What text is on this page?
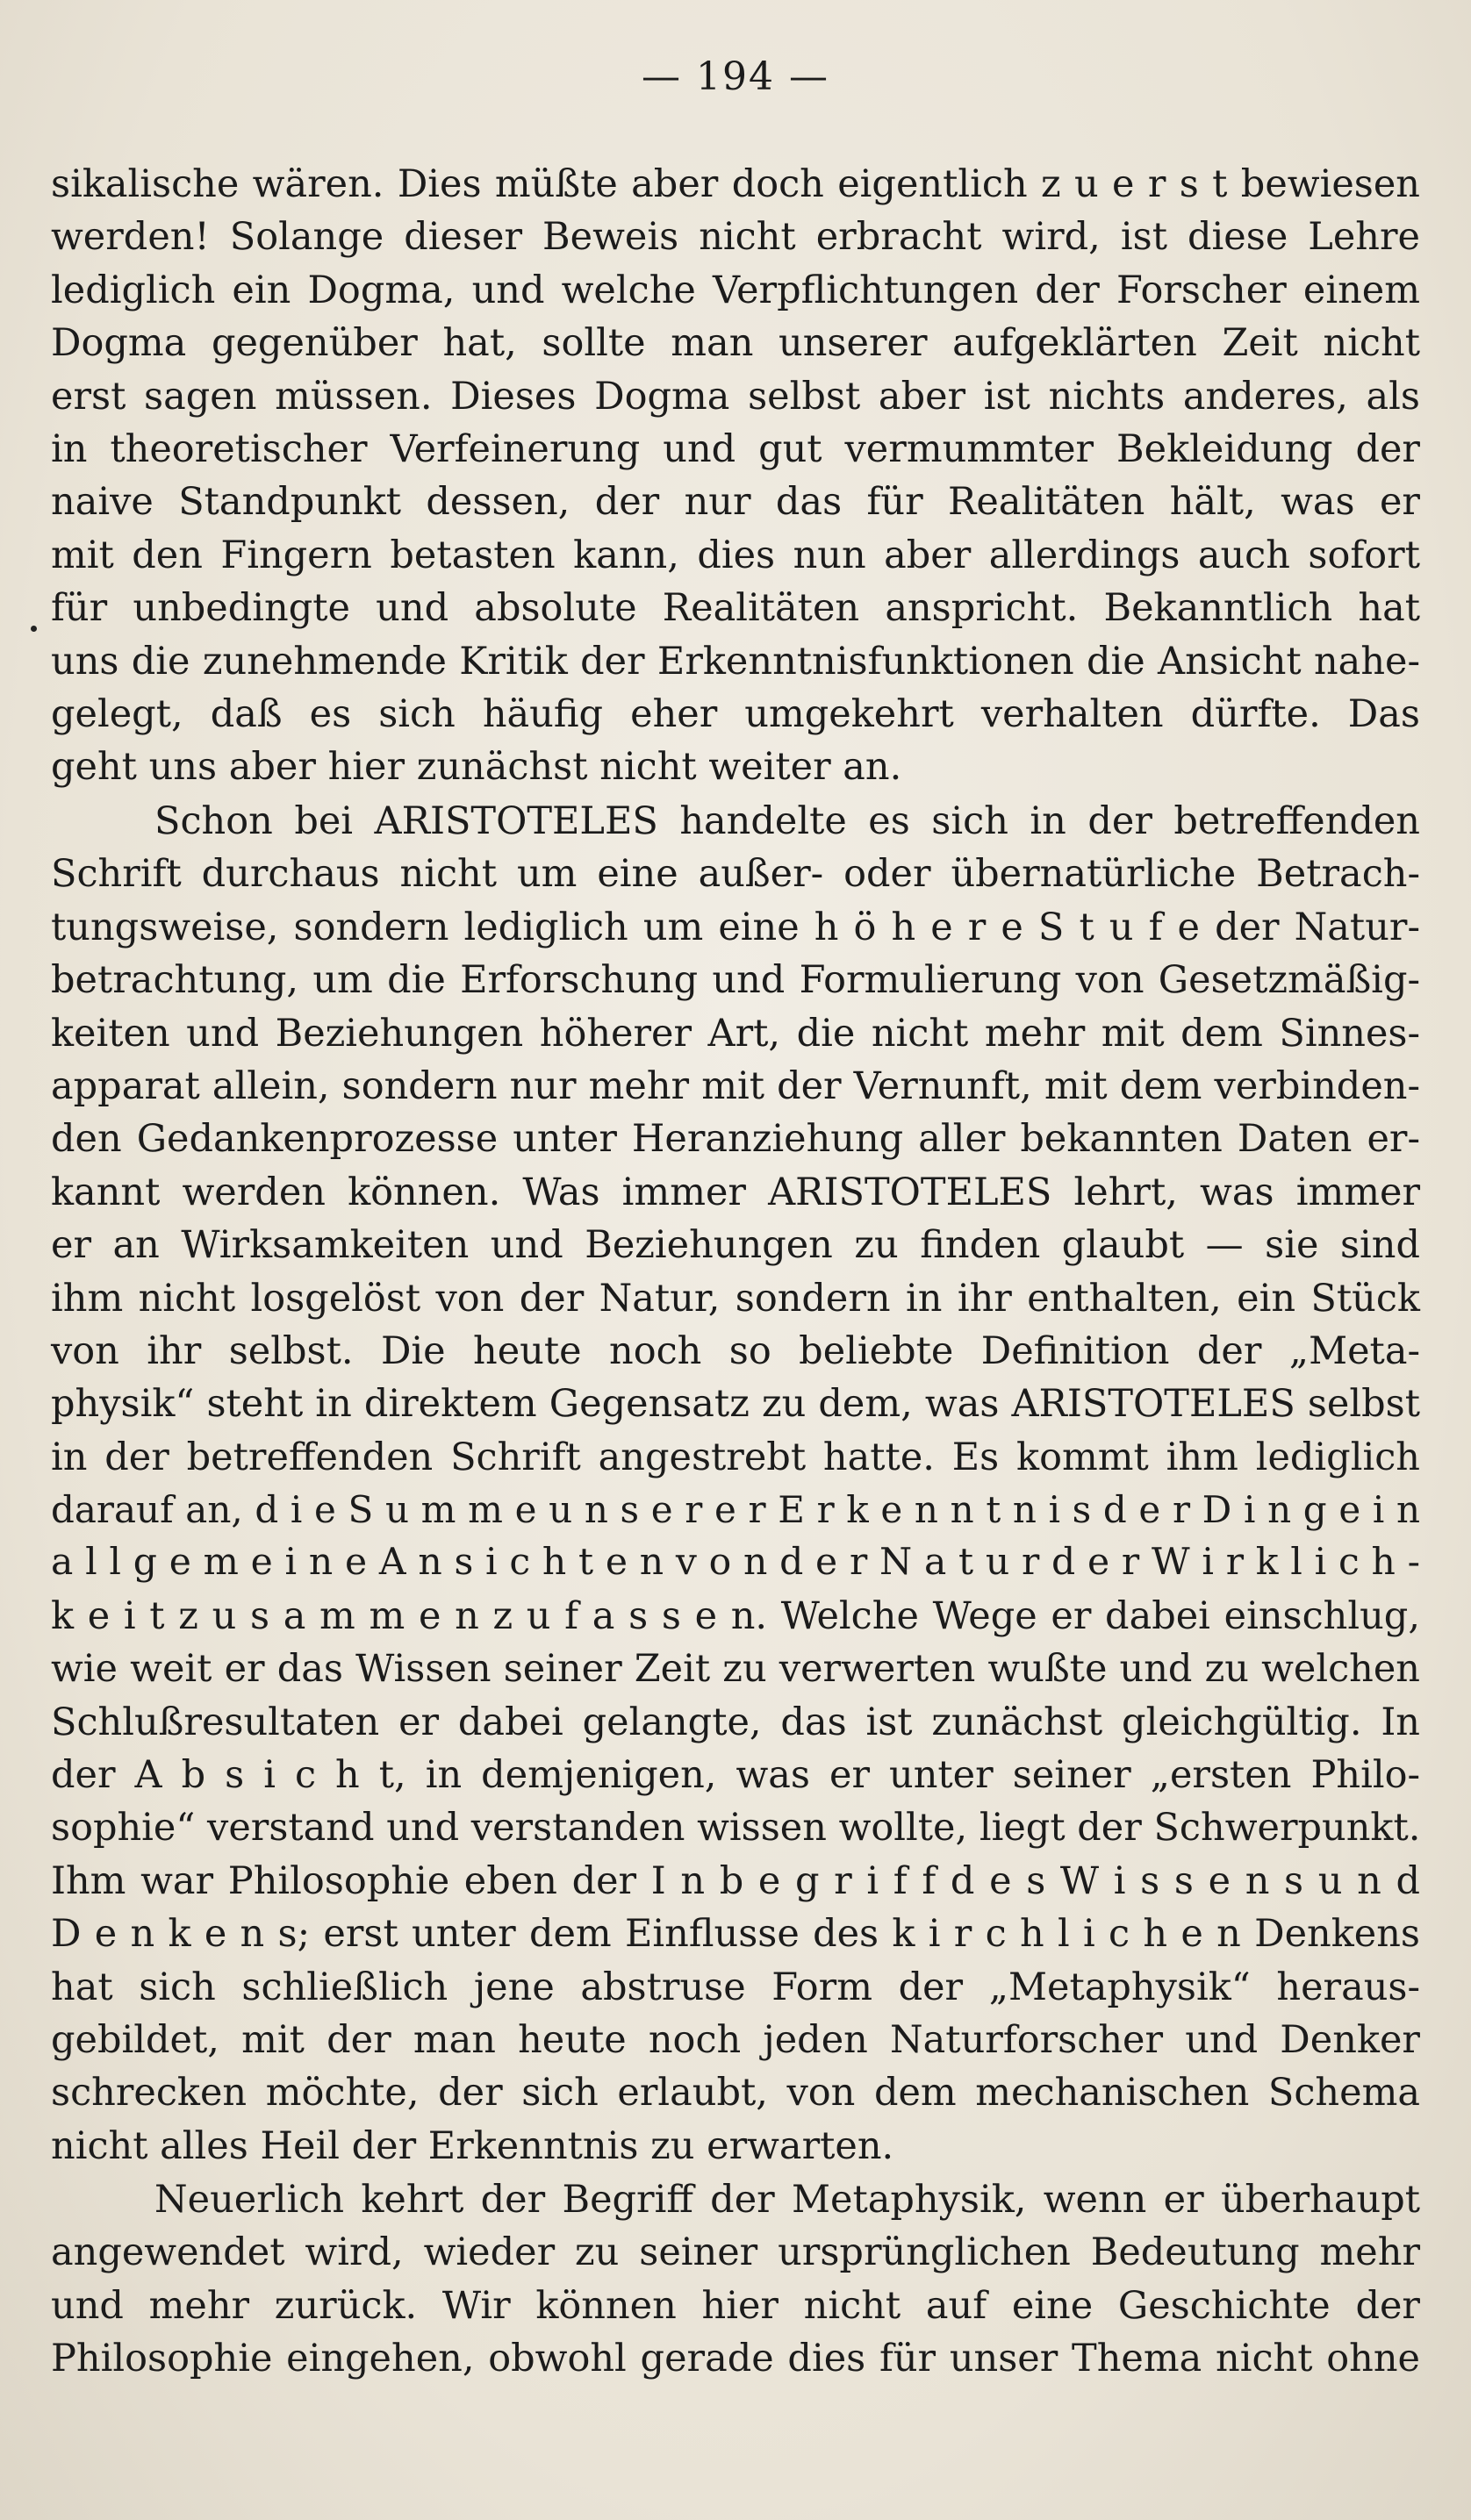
— 194 —
sikalische wären. Dies müßte aber doch eigentlich z u e r s t bewiesen
werden! Solange dieser Beweis nicht erbracht wird, ist diese Lehre
lediglich ein Dogma, und welche Verpflichtungen der Forscher einem
Dogma gegenüber hat, sollte man unserer aufgeklärten Zeit nicht
erst sagen müssen. Dieses Dogma selbst aber ist nichts anderes, als
in theoretischer Verfeinerung und gut vermummter Bekleidung der
naive Standpunkt dessen, der nur das für Realitäten hält, was er
mit den Fingern betasten kann, dies nun aber allerdings auch sofort
für unbedingte und absolute Realitäten anspricht. Bekanntlich hat
uns die zunehmende Kritik der Erkenntnisfunktionen die Ansicht nahe-
gelegt, daß es sich häufig eher umgekehrt verhalten dürfte. Das
geht uns aber hier zunächst nicht weiter an.
Schon bei ARISTOTELES handelte es sich in der betreffenden
Schrift durchaus nicht um eine außer- oder übernatürliche Betrach-
tungsweise, sondern lediglich um eine h ö h e r e S t u f e der Natur-
betrachtung, um die Erforschung und Formulierung von Gesetzmäßig-
keiten und Beziehungen höherer Art, die nicht mehr mit dem Sinnes-
apparat allein, sondern nur mehr mit der Vernunft, mit dem verbinden-
den Gedankenprozesse unter Heranziehung aller bekannten Daten er-
kannt werden können. Was immer ARISTOTELES lehrt, was immer
er an Wirksamkeiten und Beziehungen zu finden glaubt — sie sind
ihm nicht losgelöst von der Natur, sondern in ihr enthalten, ein Stück
von ihr selbst. Die heute noch so beliebte Definition der „Meta-
physik“ steht in direktem Gegensatz zu dem, was ARISTOTELES selbst
in der betreffenden Schrift angestrebt hatte. Es kommt ihm lediglich
darauf an, d i e S u m m e u n s e r e r E r k e n n t n i s d e r D i n g e i n
a l l g e m e i n e A n s i c h t e n v o n d e r N a t u r d e r W i r k l i c h -
k e i t z u s a m m e n z u f a s s e n. Welche Wege er dabei einschlug,
wie weit er das Wissen seiner Zeit zu verwerten wußte und zu welchen
Schlußresultaten er dabei gelangte, das ist zunächst gleichgültig. In
der A b s i c h t, in demjenigen, was er unter seiner „ersten Philo-
sophie“ verstand und verstanden wissen wollte, liegt der Schwerpunkt.
Ihm war Philosophie eben der I n b e g r i f f d e s W i s s e n s u n d
D e n k e n s; erst unter dem Einflusse des k i r c h l i c h e n Denkens
hat sich schließlich jene abstruse Form der „Metaphysik“ heraus-
gebildet, mit der man heute noch jeden Naturforscher und Denker
schrecken möchte, der sich erlaubt, von dem mechanischen Schema
nicht alles Heil der Erkenntnis zu erwarten.
Neuerlich kehrt der Begriff der Metaphysik, wenn er überhaupt
angewendet wird, wieder zu seiner ursprünglichen Bedeutung mehr
und mehr zurück. Wir können hier nicht auf eine Geschichte der
Philosophie eingehen, obwohl gerade dies für unser Thema nicht ohne
